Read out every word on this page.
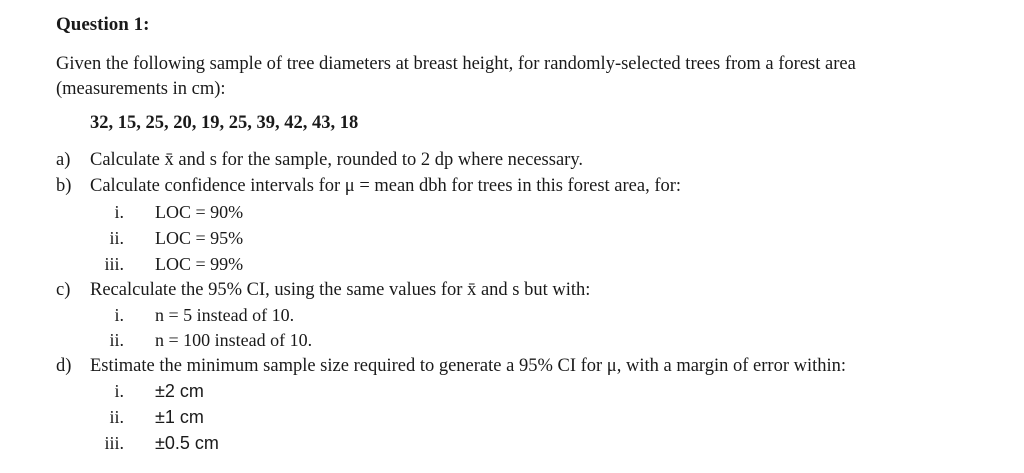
Question 1:
Given the following sample of tree diameters at breast height, for randomly-selected trees from a forest area (measurements in cm):
32, 15, 25, 20, 19, 25, 39, 42, 43, 18
a) Calculate x̄ and s for the sample, rounded to 2 dp where necessary.
b) Calculate confidence intervals for μ = mean dbh for trees in this forest area, for:
i. LOC = 90%
ii. LOC = 95%
iii. LOC = 99%
c) Recalculate the 95% CI, using the same values for x̄ and s but with:
i. n = 5 instead of 10.
ii. n = 100 instead of 10.
d) Estimate the minimum sample size required to generate a 95% CI for μ, with a margin of error within:
i. ±2 cm
ii. ±1 cm
iii. ±0.5 cm
